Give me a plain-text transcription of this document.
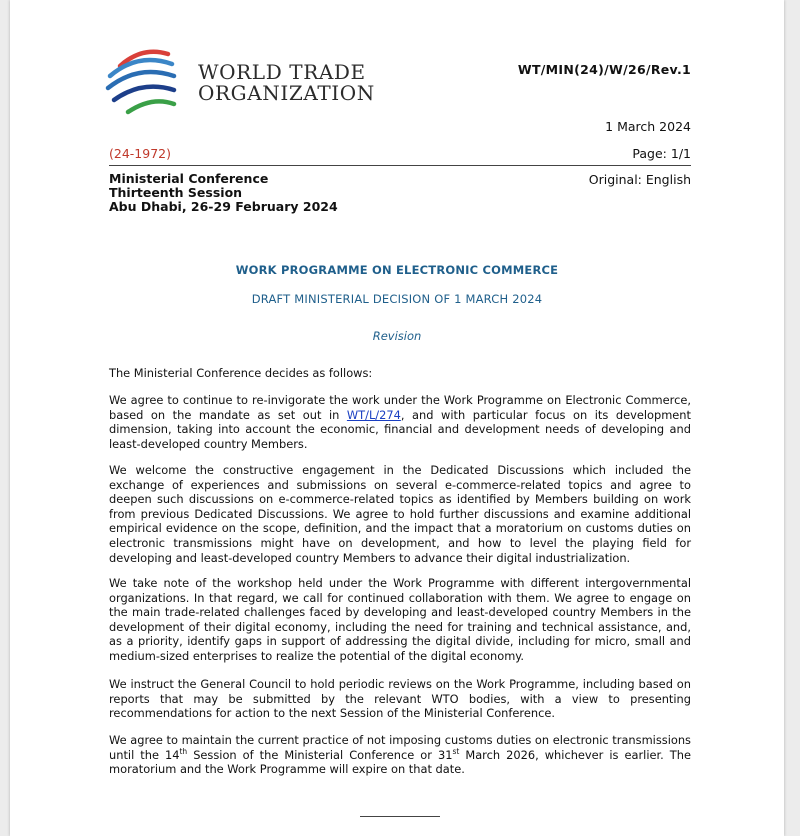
WORLD TRADE
ORGANIZATION
WT/MIN(24)/W/26/Rev.1
1 March 2024
(24-1972)	Page: 1/1
Ministerial Conference
Thirteenth Session
Abu Dhabi, 26-29 February 2024
Original: English
WORK PROGRAMME ON ELECTRONIC COMMERCE
DRAFT MINISTERIAL DECISION OF 1 MARCH 2024
Revision
The Ministerial Conference decides as follows:
We agree to continue to re-invigorate the work under the Work Programme on Electronic Commerce, based on the mandate as set out in WT/L/274, and with particular focus on its development dimension, taking into account the economic, financial and development needs of developing and least-developed country Members.
We welcome the constructive engagement in the Dedicated Discussions which included the exchange of experiences and submissions on several e-commerce-related topics and agree to deepen such discussions on e-commerce-related topics as identified by Members building on work from previous Dedicated Discussions. We agree to hold further discussions and examine additional empirical evidence on the scope, definition, and the impact that a moratorium on customs duties on electronic transmissions might have on development, and how to level the playing field for developing and least-developed country Members to advance their digital industrialization.
We take note of the workshop held under the Work Programme with different intergovernmental organizations. In that regard, we call for continued collaboration with them. We agree to engage on the main trade-related challenges faced by developing and least-developed country Members in the development of their digital economy, including the need for training and technical assistance, and, as a priority, identify gaps in support of addressing the digital divide, including for micro, small and medium-sized enterprises to realize the potential of the digital economy.
We instruct the General Council to hold periodic reviews on the Work Programme, including based on reports that may be submitted by the relevant WTO bodies, with a view to presenting recommendations for action to the next Session of the Ministerial Conference.
We agree to maintain the current practice of not imposing customs duties on electronic transmissions until the 14th Session of the Ministerial Conference or 31st March 2026, whichever is earlier. The moratorium and the Work Programme will expire on that date.
